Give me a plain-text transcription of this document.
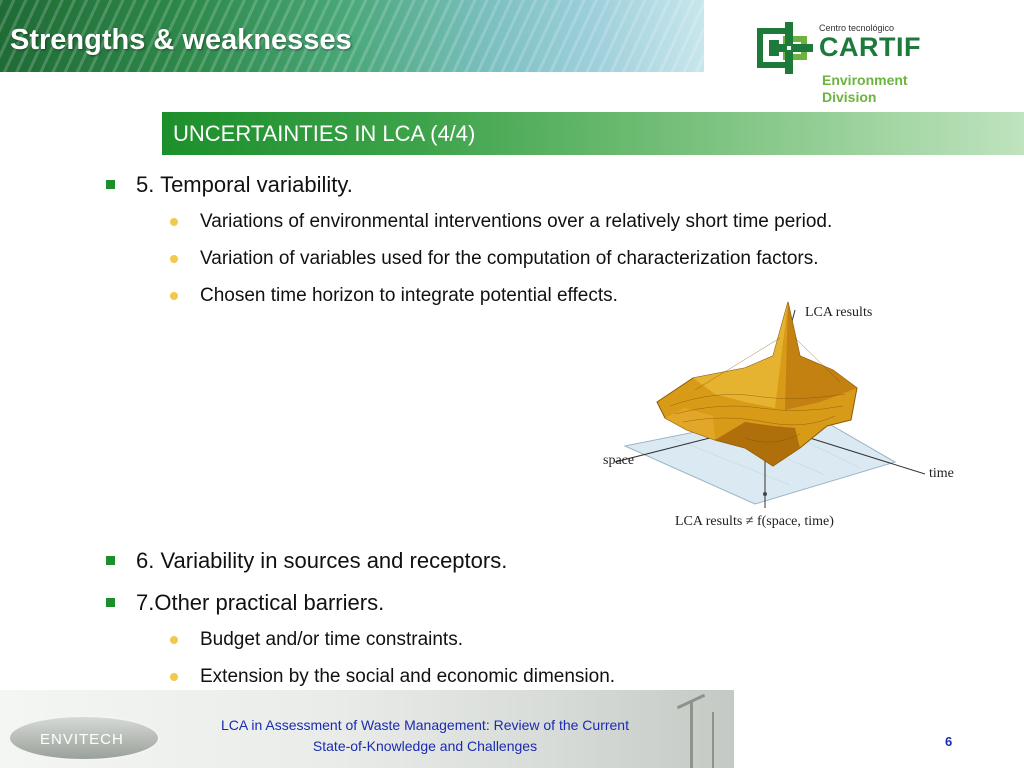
Strengths & weaknesses	Centro tecnológico
CARTIF
Environment
Division
UNCERTAINTIES IN LCA (4/4)
5. Temporal variability.
Variations of environmental interventions over a relatively short time period.
Variation of variables used for the computation of characterization factors.
Chosen time horizon to integrate potential effects.
LCA results
space
time
LCA results ≠ f(space, time)
6. Variability in sources and receptors.
7.Other practical barriers.
Budget and/or time constraints.
Extension by the social and economic dimension.
ENVITECH
LCA in Assessment of Waste Management: Review of the Current
State-of-Knowledge and Challenges	6
